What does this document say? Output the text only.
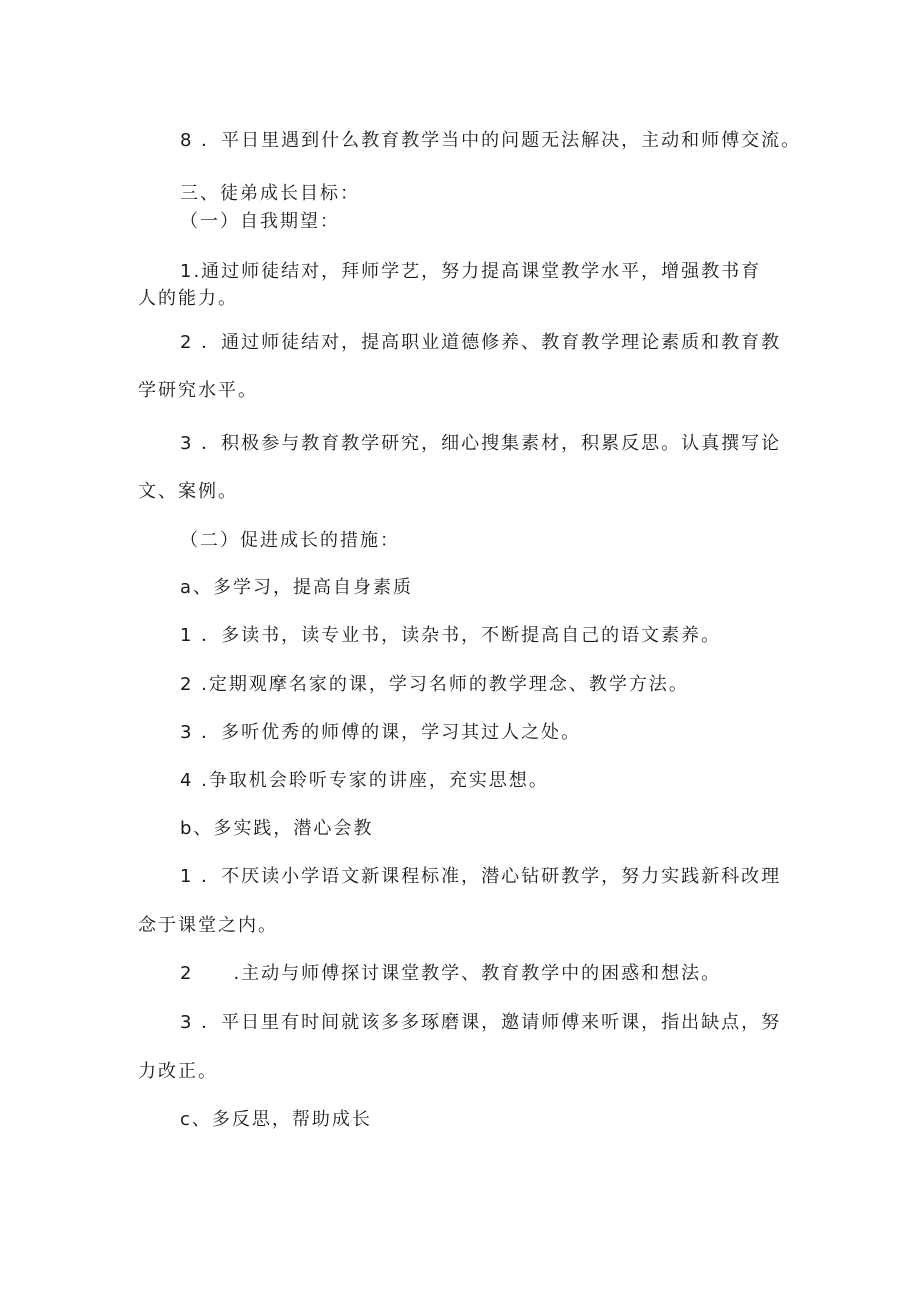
8 ．平日里遇到什么教育教学当中的问题无法解决，主动和师傅交流。
三、徒弟成长目标：
（一）自我期望：
1.通过师徒结对，拜师学艺，努力提高课堂教学水平，增强教书育
人的能力。
2 ．通过师徒结对，提高职业道德修养、教育教学理论素质和教育教
学研究水平。
3 ．积极参与教育教学研究，细心搜集素材，积累反思。认真撰写论
文、案例。
（二）促进成长的措施：
a、多学习，提高自身素质
1 ．多读书，读专业书，读杂书，不断提高自己的语文素养。
2 .定期观摩名家的课，学习名师的教学理念、教学方法。
3 ．多听优秀的师傅的课，学习其过人之处。
4 .争取机会聆听专家的讲座，充实思想。
b、多实践，潜心会教
1 ．不厌读小学语文新课程标准，潜心钻研教学，努力实践新科改理
念于课堂之内。
2　　.主动与师傅探讨课堂教学、教育教学中的困惑和想法。
3 ．平日里有时间就该多多琢磨课，邀请师傅来听课，指出缺点，努
力改正。
c、多反思，帮助成长
